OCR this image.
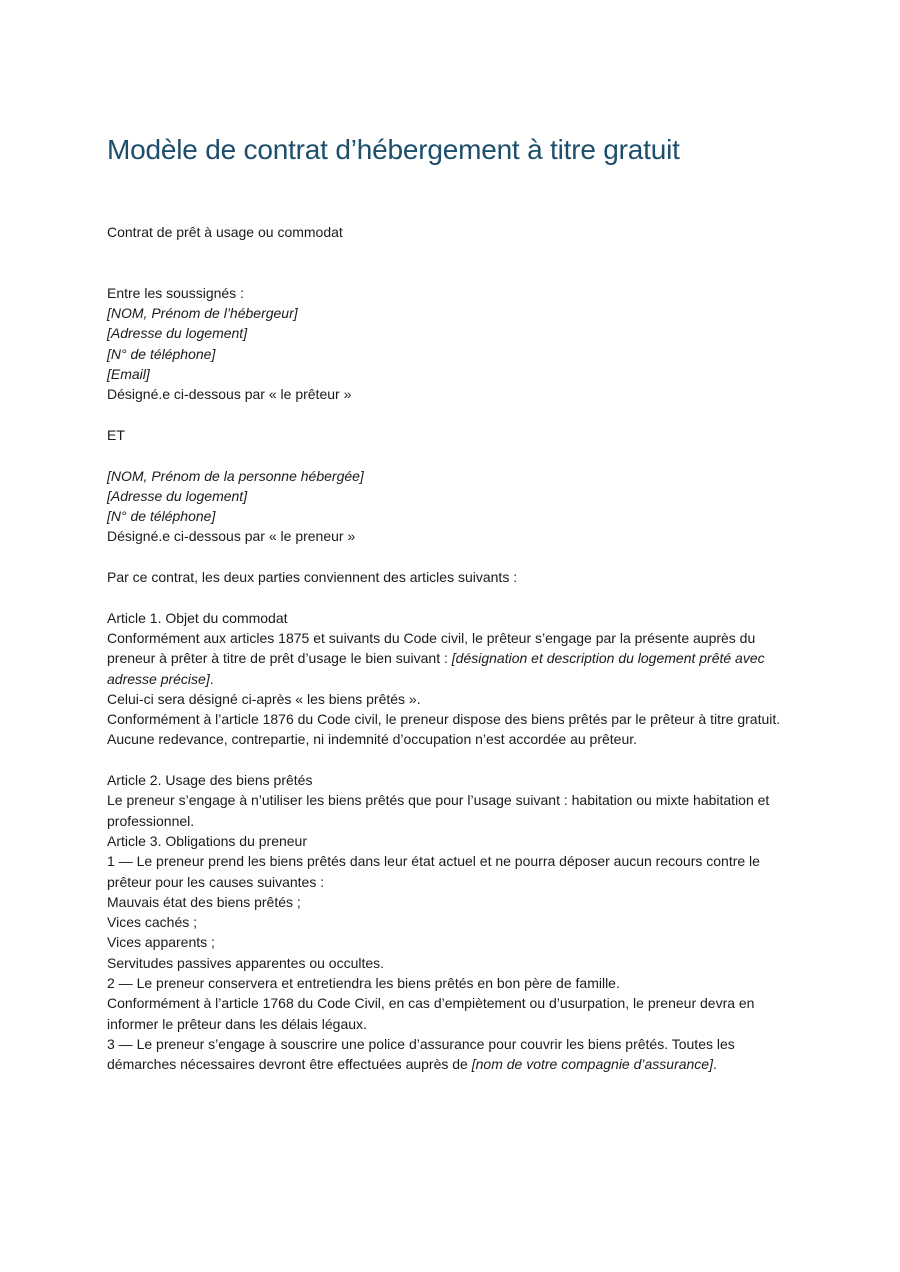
Modèle de contrat d’hébergement à titre gratuit

Contrat de prêt à usage ou commodat

Entre les soussignés :
[NOM, Prénom de l’hébergeur]
[Adresse du logement]
[N° de téléphone]
[Email]
Désigné.e ci-dessous par « le prêteur »
ET
[NOM, Prénom de la personne hébergée]
[Adresse du logement]
[N° de téléphone]
Désigné.e ci-dessous par « le preneur »
Par ce contrat, les deux parties conviennent des articles suivants :
Article 1. Objet du commodat
Conformément aux articles 1875 et suivants du Code civil, le prêteur s’engage par la présente auprès du preneur à prêter à titre de prêt d’usage le bien suivant : [désignation et description du logement prêté avec adresse précise].
Celui-ci sera désigné ci-après « les biens prêtés ».
Conformément à l’article 1876 du Code civil, le preneur dispose des biens prêtés par le prêteur à titre gratuit. Aucune redevance, contrepartie, ni indemnité d’occupation n’est accordée au prêteur.
Article 2. Usage des biens prêtés
Le preneur s’engage à n’utiliser les biens prêtés que pour l’usage suivant : habitation ou mixte habitation et professionnel.
Article 3. Obligations du preneur
1 — Le preneur prend les biens prêtés dans leur état actuel et ne pourra déposer aucun recours contre le prêteur pour les causes suivantes :
Mauvais état des biens prêtés ;
Vices cachés ;
Vices apparents ;
Servitudes passives apparentes ou occultes.
2 — Le preneur conservera et entretiendra les biens prêtés en bon père de famille.
Conformément à l’article 1768 du Code Civil, en cas d’empiètement ou d’usurpation, le preneur devra en informer le prêteur dans les délais légaux.
3 — Le preneur s’engage à souscrire une police d’assurance pour couvrir les biens prêtés. Toutes les démarches nécessaires devront être effectuées auprès de [nom de votre compagnie d’assurance].
